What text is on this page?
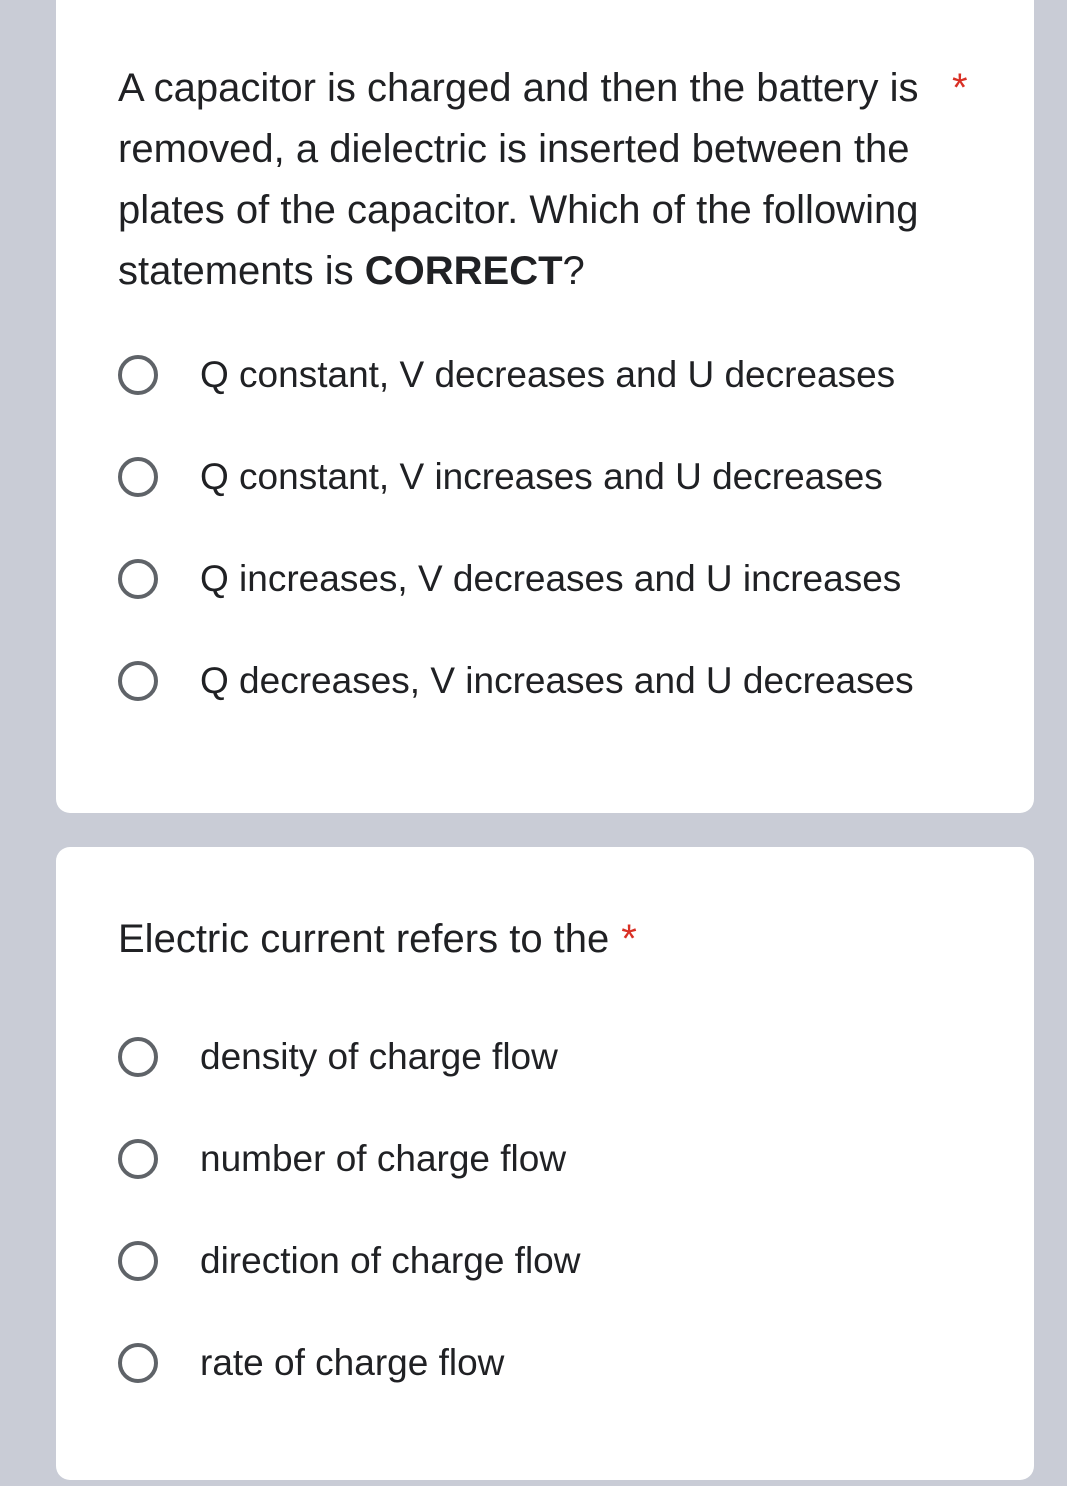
A capacitor is charged and then the battery is removed, a dielectric is inserted between the plates of the capacitor. Which of the following statements is CORRECT?
*

Q constant, V decreases and U decreases
Q constant, V increases and U decreases
Q increases, V decreases and U increases
Q decreases, V increases and U decreases

Electric current refers to the *

density of charge flow
number of charge flow
direction of charge flow
rate of charge flow
